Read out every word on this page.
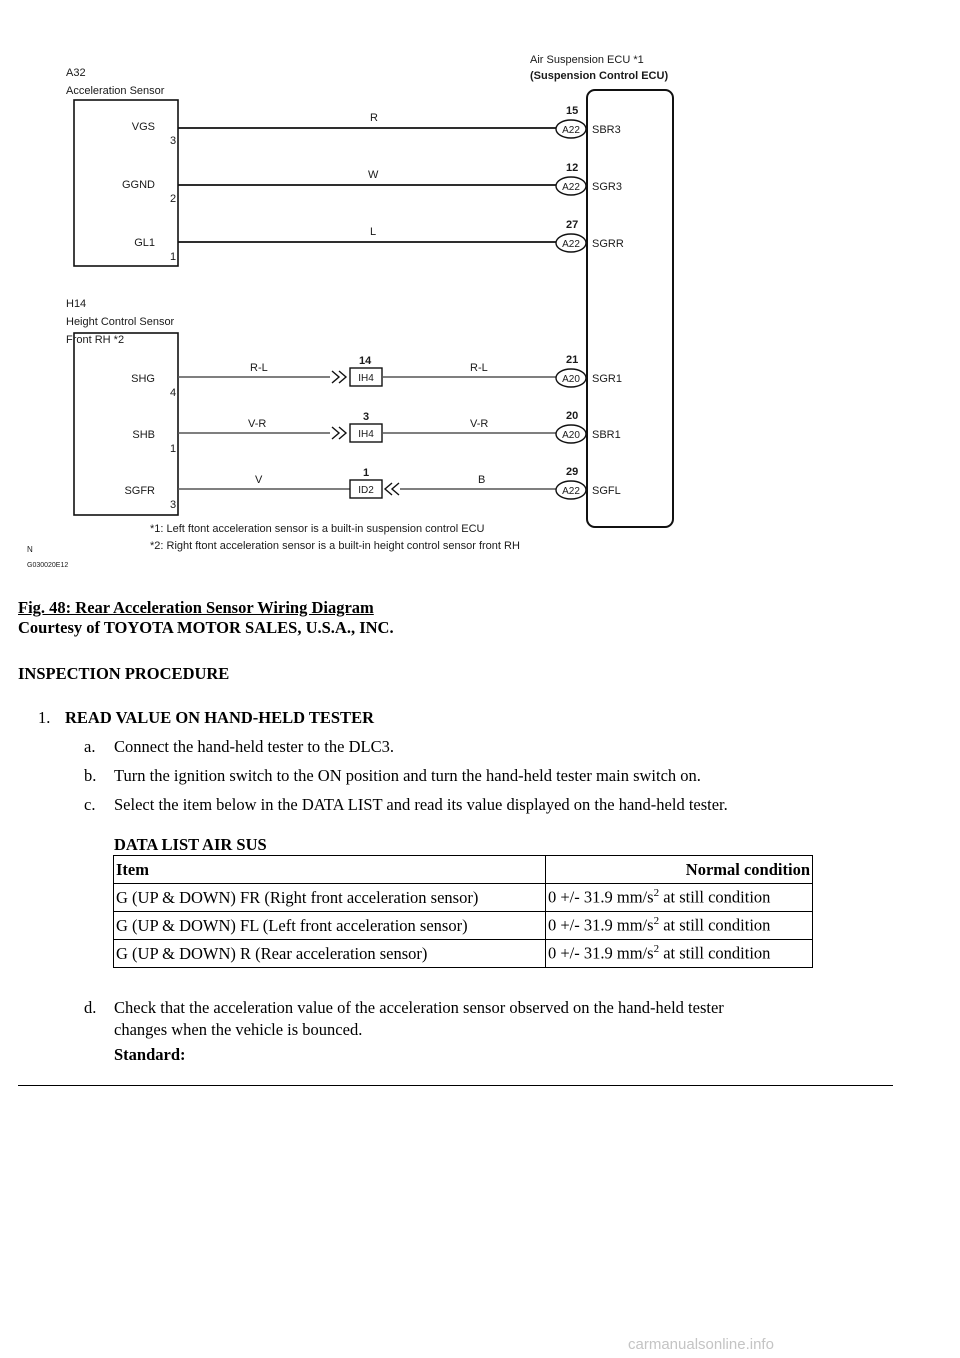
A32
Acceleration Sensor
VGS
3
GGND
2
GL1
1
R
W
L
Air Suspension ECU *1
(Suspension Control ECU)
15
A22 SBR3
12
A22 SGR3
27
A22 SGRR
H14
Height Control Sensor
Front RH *2
SHG
4
SHB
1
SGFR
3
R-L
14
IH4
R-L
V-R
3
IH4
V-R
V
1
ID2
B
21
A20 SGR1
20
A20 SBR1
29
A22 SGFL
*1: Left ftont acceleration sensor is a built-in suspension control ECU
*2: Right ftont acceleration sensor is a built-in height control sensor front RH
N
G030020E12
Fig. 48: Rear Acceleration Sensor Wiring Diagram
Courtesy of TOYOTA MOTOR SALES, U.S.A., INC.
INSPECTION PROCEDURE
1. READ VALUE ON HAND-HELD TESTER
a. Connect the hand-held tester to the DLC3.
b. Turn the ignition switch to the ON position and turn the hand-held tester main switch on.
c. Select the item below in the DATA LIST and read its value displayed on the hand-held tester.
DATA LIST AIR SUS
Item	Normal condition
G (UP & DOWN) FR (Right front acceleration sensor)	0 +/- 31.9 $mm/s^2$ at still condition
G (UP & DOWN) FL (Left front acceleration sensor)	0 +/- 31.9 $mm/s^2$ at still condition
G (UP & DOWN) R (Rear acceleration sensor)	0 +/- 31.9 $mm/s^2$ at still condition
d. Check that the acceleration value of the acceleration sensor observed on the hand-held tester
changes when the vehicle is bounced.
Standard:
carmanualsonline.info
